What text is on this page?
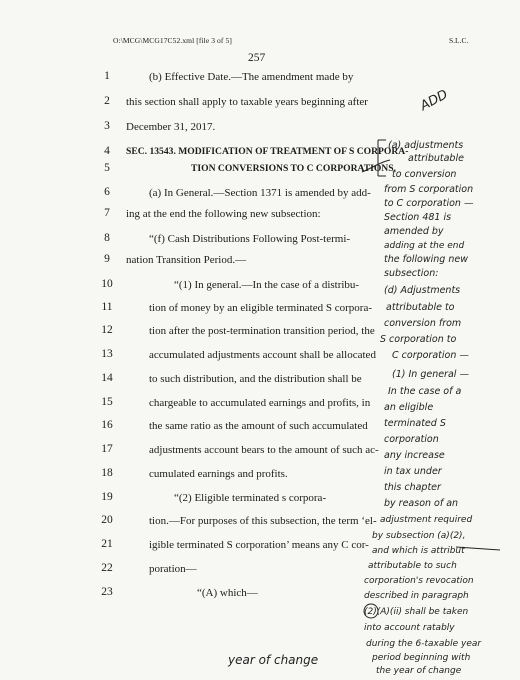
O:\MCG\MCG17C52.xml [file 3 of 5]	S.L.C.
257
1
2
3
4
5
6
7
8
9
10
11
12
13
14
15
16
17
18
19
20
21
22
23
(b) Effective Date.—The amendment made by
this section shall apply to taxable years beginning after
December 31, 2017.
SEC. 13543. MODIFICATION OF TREATMENT OF S CORPORA-
TION CONVERSIONS TO C CORPORATIONS.
(a) In General.—Section 1371 is amended by add-
ing at the end the following new subsection:
“(f) Cash Distributions Following Post-termi-
nation Transition Period.—
“(1) In general.—In the case of a distribu-
tion of money by an eligible terminated S corpora-
tion after the post-termination transition period, the
accumulated adjustments account shall be allocated
to such distribution, and the distribution shall be
chargeable to accumulated earnings and profits, in
the same ratio as the amount of such accumulated
adjustments account bears to the amount of such ac-
cumulated earnings and profits.
“(2) Eligible terminated s corpora-
tion.—For purposes of this subsection, the term ‘el-
igible terminated S corporation’ means any C cor-
poration—
“(A) which—
ADD
(a) adjustments
attributable
to conversion
from S corporation
to C corporation —
Section 481 is
amended by
adding at the end
the following new
subsection:
(d) Adjustments
attributable to
conversion from
S corporation to
C corporation —
(1) In general —
In the case of a
an eligible
terminated S
corporation
any increase
in tax under
this chapter
by reason of an
adjustment required
by subsection (a)(2),
and which is attribut
attributable to such
corporation's revocation
described in paragraph
(2)(A)(ii) shall be taken
into account ratably
during the 6-taxable year
period beginning with
the year of change
year of change
